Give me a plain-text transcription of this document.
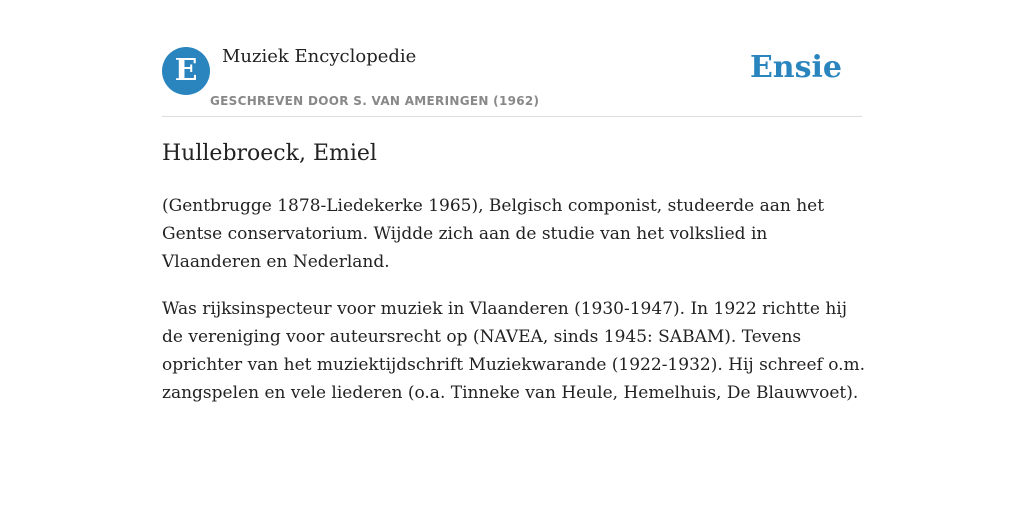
E	Muziek Encyclopedie
GESCHREVEN DOOR S. VAN AMERINGEN (1962)
Ensie
Hullebroeck, Emiel

(Gentbrugge 1878-Liedekerke 1965), Belgisch componist, studeerde aan het Gentse conservatorium. Wijdde zich aan de studie van het volkslied in Vlaanderen en Nederland.

Was rijksinspecteur voor muziek in Vlaanderen (1930-1947). In 1922 richtte hij de vereniging voor auteursrecht op (NAVEA, sinds 1945: SABAM). Tevens oprichter van het muziektijdschrift Muziekwarande (1922-1932). Hij schreef o.m. zangspelen en vele liederen (o.a. Tinneke van Heule, Hemelhuis, De Blauwvoet).
